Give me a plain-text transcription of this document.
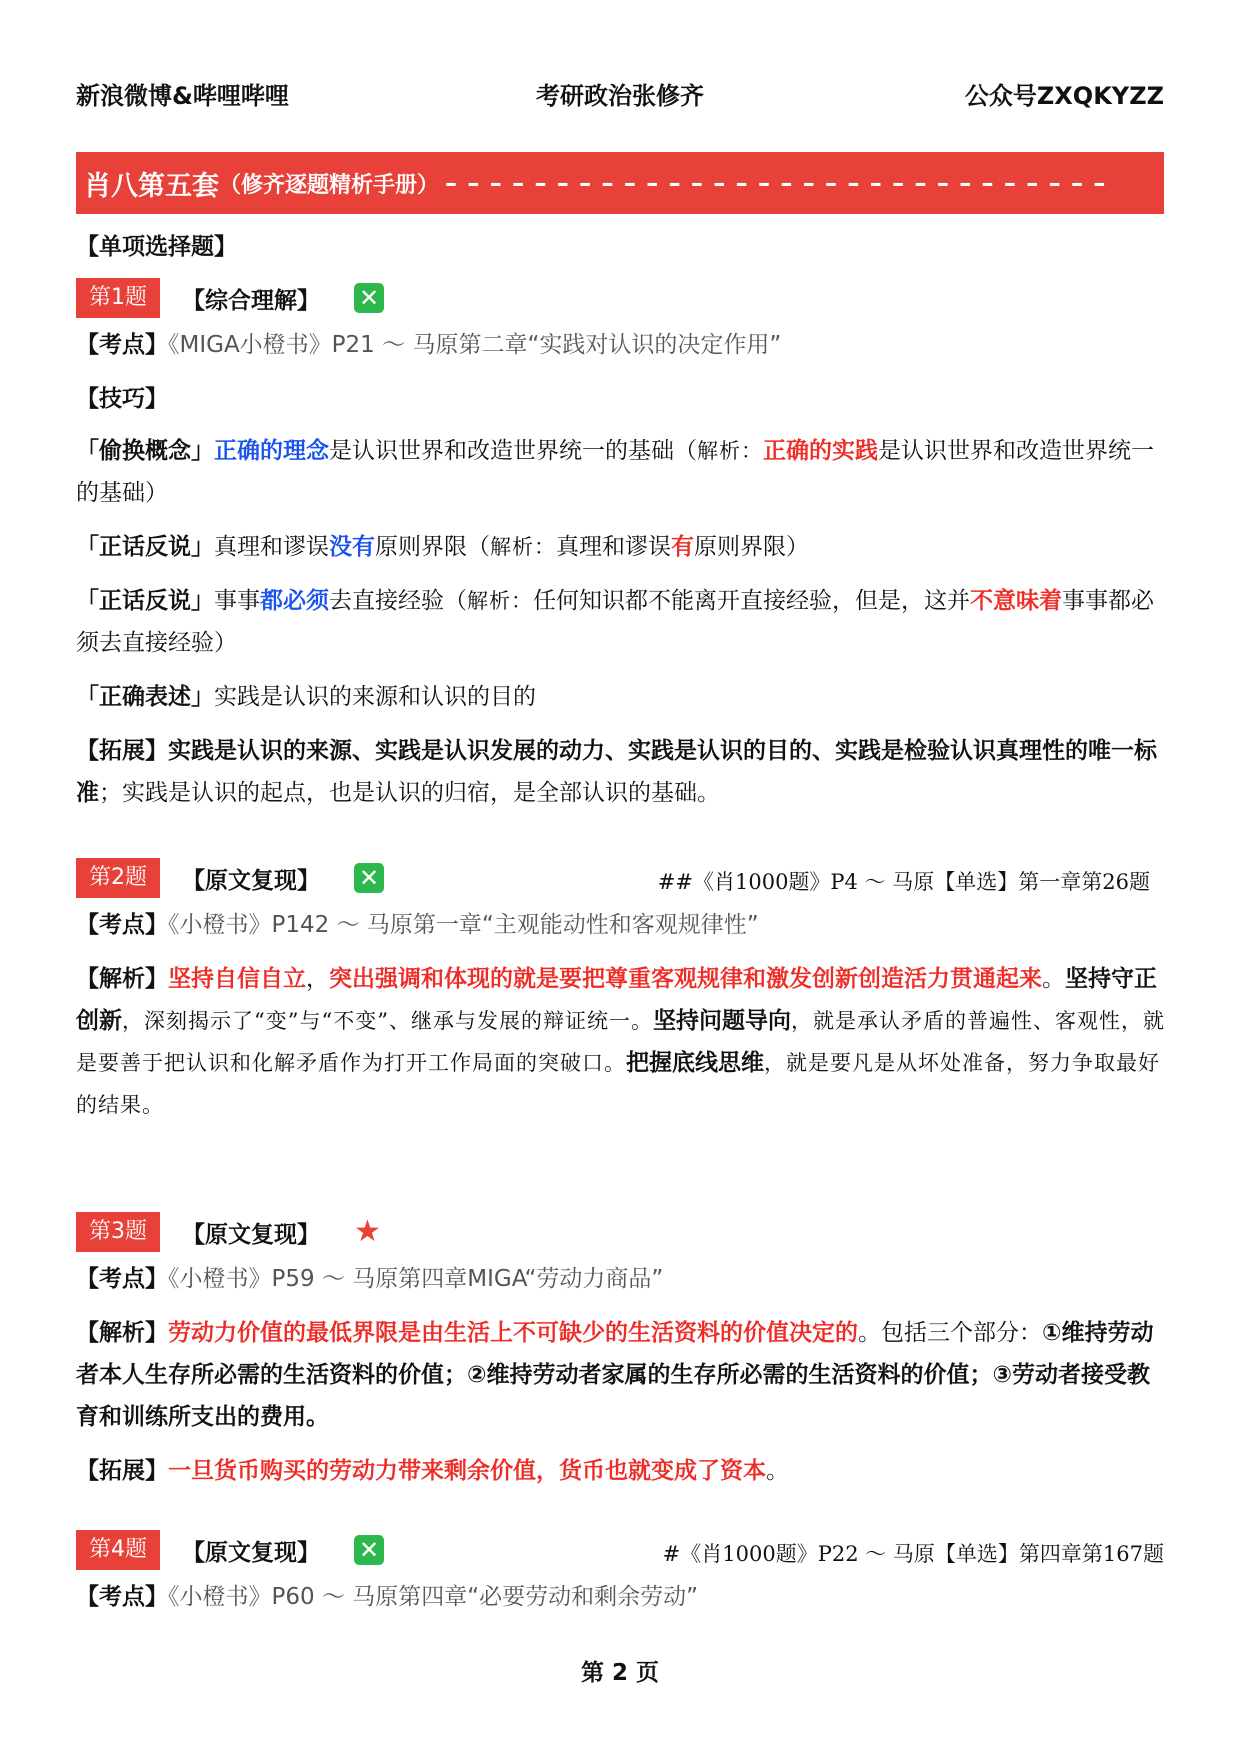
新浪微博&哔哩哔哩	考研政治张修齐	公众号ZXQKYZZ
肖八第五套 （修齐逐题精析手册） – – – – – – – – – – – – – – – – – – – – – – – – – – – – – –
【单项选择题】
第1题	【综合理解】 ✕
【考点】《MIGA小橙书》P21 ～ 马原第二章“实践对认识的决定作用”
【技巧】
「偷换概念」正确的理念是认识世界和改造世界统一的基础（解析：正确的实践是认识世界和改造世界统一的基础）
「正话反说」真理和谬误没有原则界限（解析：真理和谬误有原则界限）
「正话反说」事事都必须去直接经验（解析：任何知识都不能离开直接经验，但是，这并不意味着事事都必须去直接经验）
「正确表述」实践是认识的来源和认识的目的
【拓展】实践是认识的来源、实践是认识发展的动力、实践是认识的目的、实践是检验认识真理性的唯一标准；实践是认识的起点，也是认识的归宿，是全部认识的基础。
第2题	【原文复现】 ✕	##《肖1000题》P4 ～ 马原【单选】第一章第26题
【考点】《小橙书》P142 ～ 马原第一章“主观能动性和客观规律性”
【解析】坚持自信自立，突出强调和体现的就是要把尊重客观规律和激发创新创造活力贯通起来。坚持守正创新，深刻揭示了“变”与“不变”、继承与发展的辩证统一。坚持问题导向，就是承认矛盾的普遍性、客观性，就是要善于把认识和化解矛盾作为打开工作局面的突破口。把握底线思维，就是要凡是从坏处准备，努力争取最好的结果。
第3题	【原文复现】 ★
【考点】《小橙书》P59 ～ 马原第四章MIGA“劳动力商品”
【解析】劳动力价值的最低界限是由生活上不可缺少的生活资料的价值决定的。包括三个部分：①维持劳动者本人生存所必需的生活资料的价值；②维持劳动者家属的生存所必需的生活资料的价值；③劳动者接受教育和训练所支出的费用。
【拓展】一旦货币购买的劳动力带来剩余价值，货币也就变成了资本。
第4题	【原文复现】 ✕	#《肖1000题》P22 ～ 马原【单选】第四章第167题
【考点】《小橙书》P60 ～ 马原第四章“必要劳动和剩余劳动”
第 2 页
